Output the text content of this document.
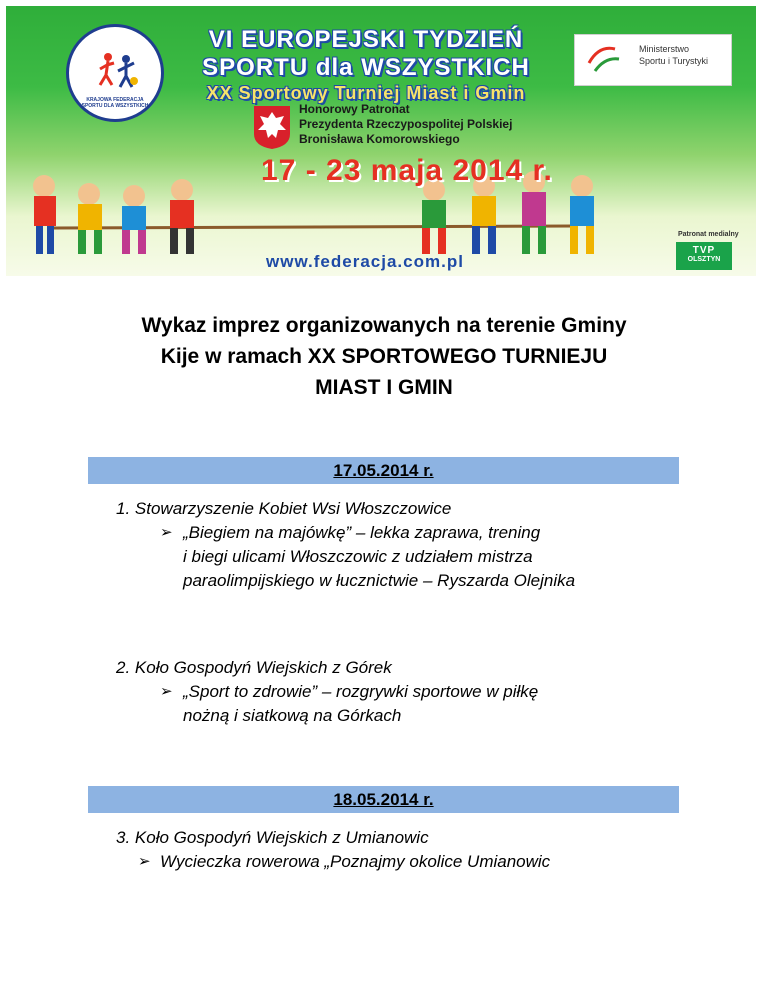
KRAJOWA FEDERACJA SPORTU DLA WSZYSTKICH
VI EUROPEJSKI TYDZIEŃ
SPORTU dla WSZYSTKICH
XX Sportowy Turniej Miast i Gmin
Ministerstwo
Sportu i Turystyki
Honorowy Patronat
Prezydenta Rzeczypospolitej Polskiej
Bronisława Komorowskiego
17 - 23 maja 2014 r.
www.federacja.com.pl
Patronat medialny
TVP
OLSZTYN
Wykaz imprez organizowanych na terenie Gminy
Kije w ramach XX SPORTOWEGO TURNIEJU
MIAST I GMIN
17.05.2014 r.
1. Stowarzyszenie Kobiet Wsi Włoszczowice
➢ „Biegiem na majówkę” – lekka zaprawa, trening
i biegi ulicami Włoszczowic z udziałem mistrza
paraolimpijskiego w łucznictwie – Ryszarda Olejnika
2. Koło Gospodyń Wiejskich z Górek
➢ „Sport to zdrowie” – rozgrywki sportowe w piłkę
nożną i siatkową na Górkach
18.05.2014 r.
3. Koło Gospodyń Wiejskich z Umianowic
➢ Wycieczka rowerowa „Poznajmy okolice Umianowic
